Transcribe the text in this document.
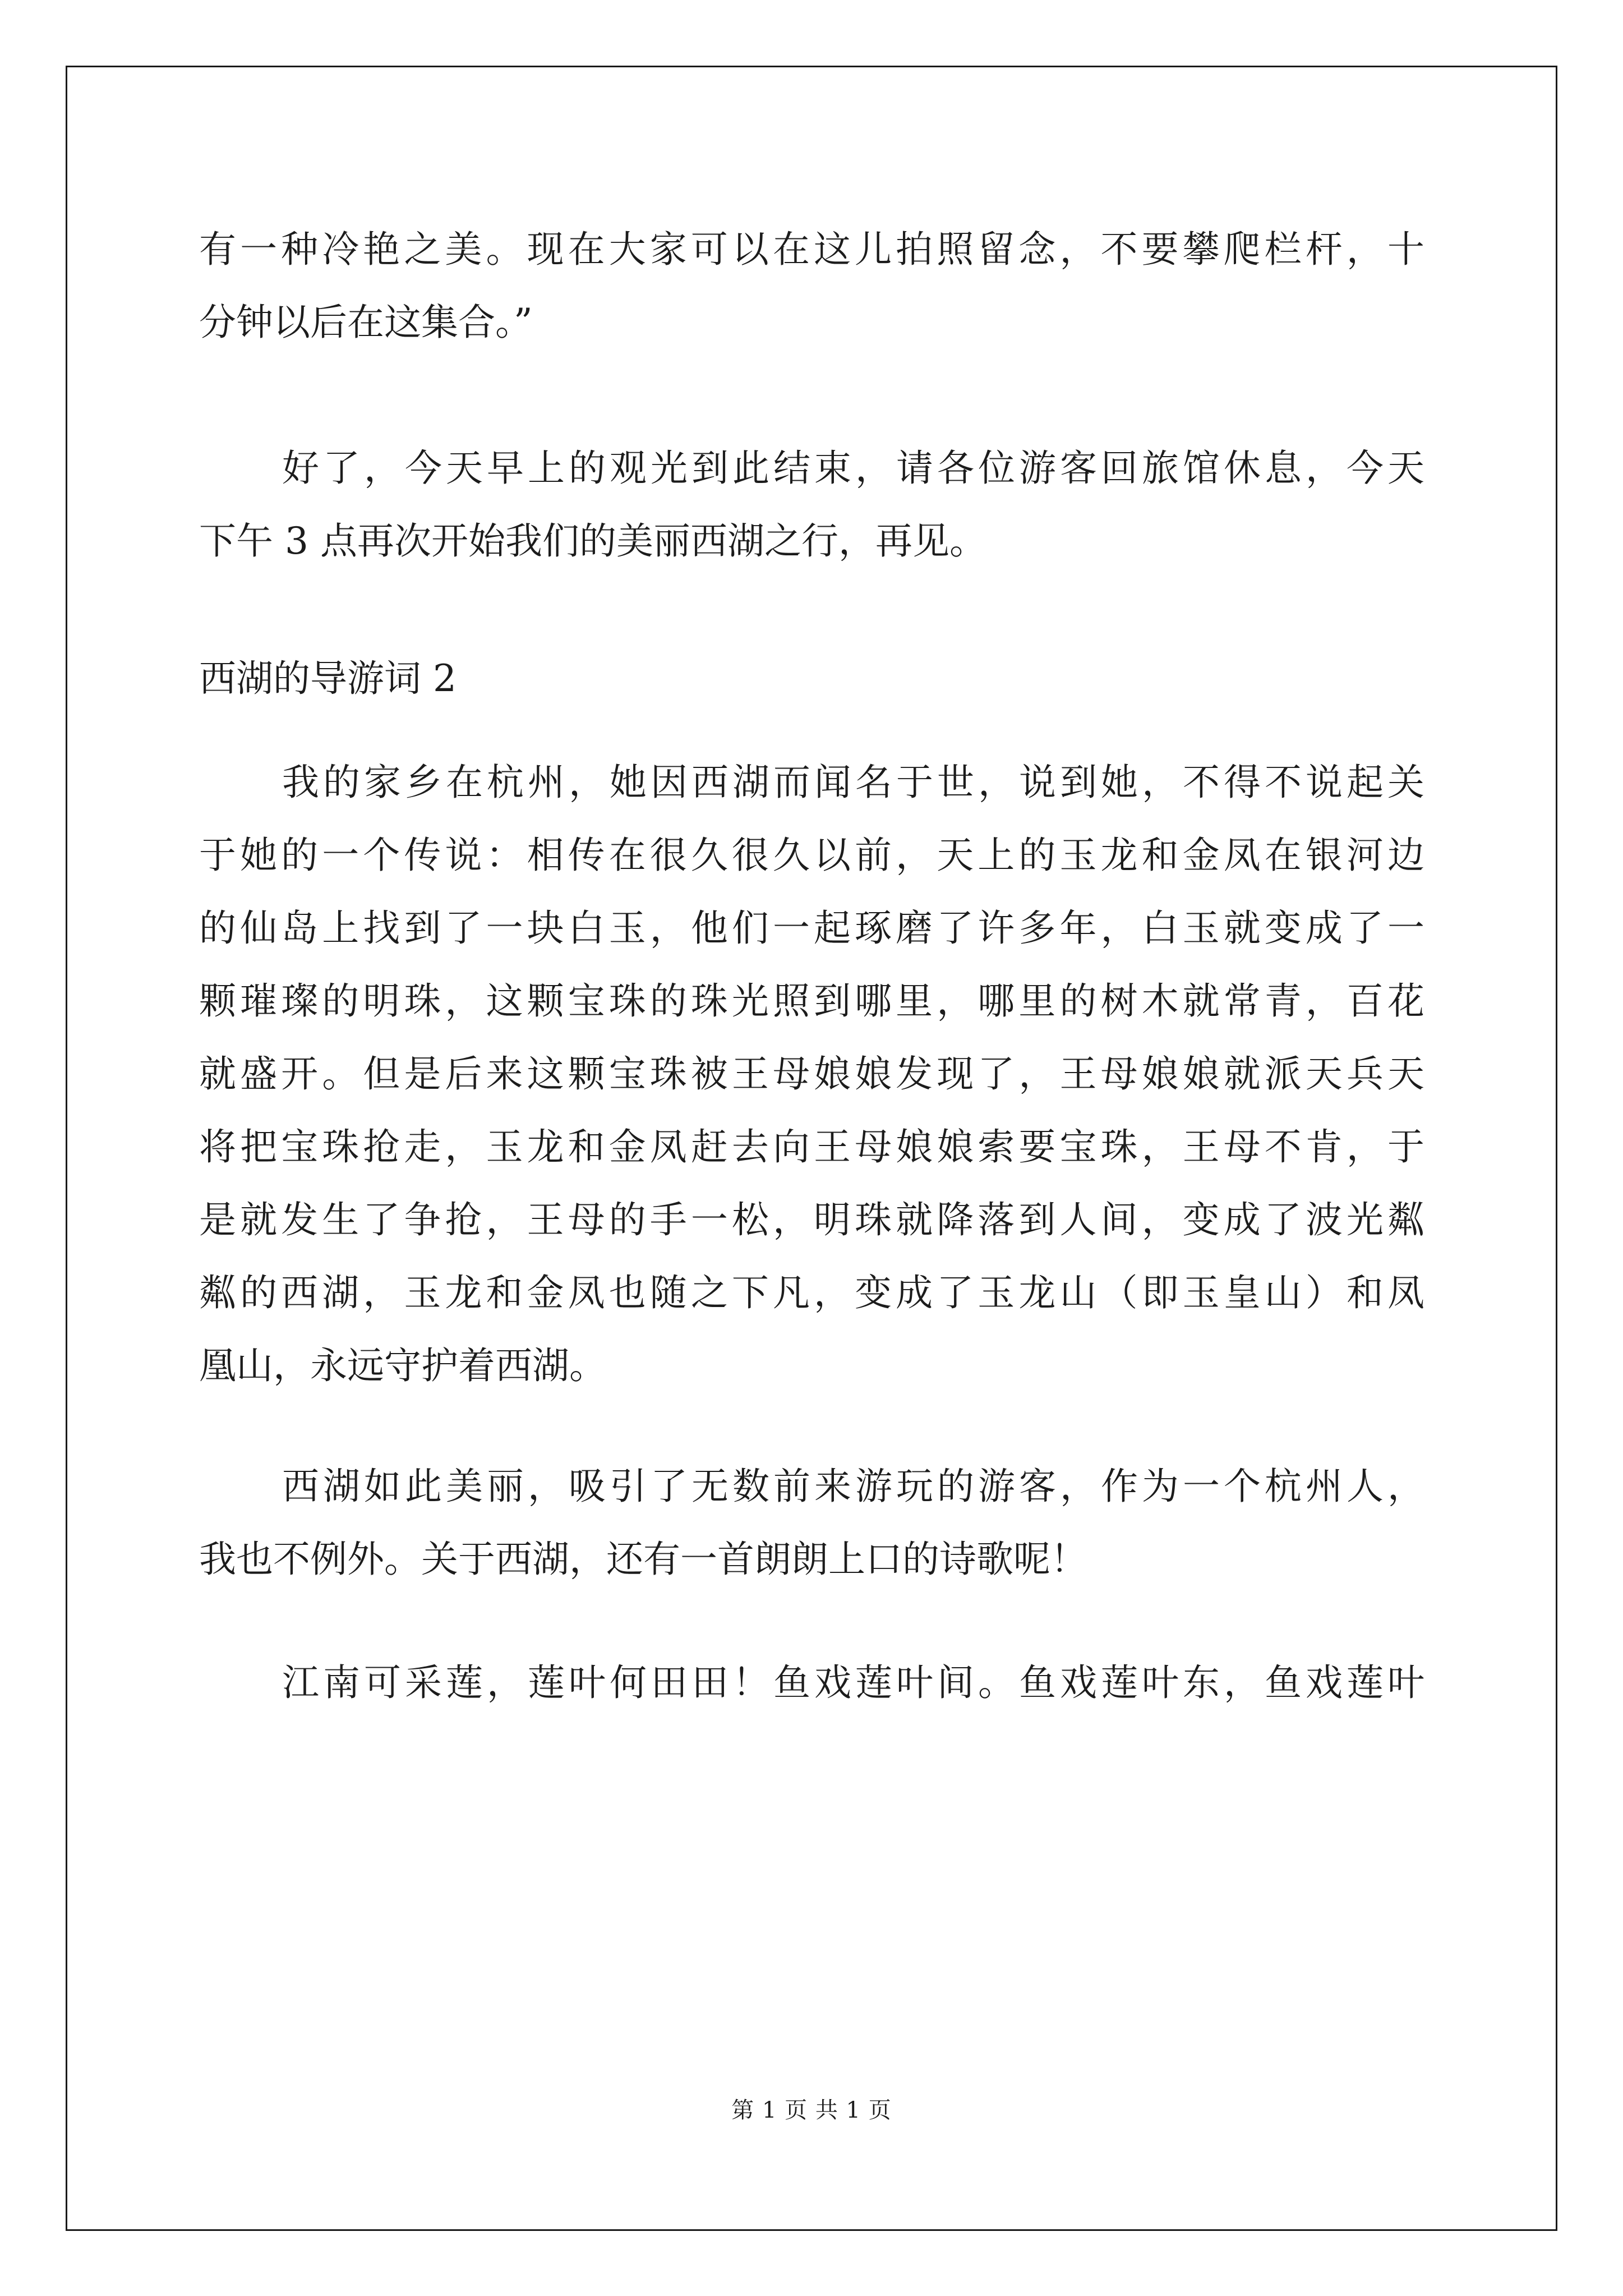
有一种冷艳之美。现在大家可以在这儿拍照留念，不要攀爬栏杆，十
分钟以后在这集合。”
好了，今天早上的观光到此结束，请各位游客回旅馆休息，今天
下午 3 点再次开始我们的美丽西湖之行，再见。
西湖的导游词 2
我的家乡在杭州，她因西湖而闻名于世，说到她，不得不说起关
于她的一个传说：相传在很久很久以前，天上的玉龙和金凤在银河边
的仙岛上找到了一块白玉，他们一起琢磨了许多年，白玉就变成了一
颗璀璨的明珠，这颗宝珠的珠光照到哪里，哪里的树木就常青，百花
就盛开。但是后来这颗宝珠被王母娘娘发现了，王母娘娘就派天兵天
将把宝珠抢走，玉龙和金凤赶去向王母娘娘索要宝珠，王母不肯，于
是就发生了争抢，王母的手一松，明珠就降落到人间，变成了波光粼
粼的西湖，玉龙和金凤也随之下凡，变成了玉龙山（即玉皇山）和凤
凰山，永远守护着西湖。
西湖如此美丽，吸引了无数前来游玩的游客，作为一个杭州人，
我也不例外。关于西湖，还有一首朗朗上口的诗歌呢！
江南可采莲，莲叶何田田！鱼戏莲叶间。鱼戏莲叶东，鱼戏莲叶
第 1 页 共 1 页
